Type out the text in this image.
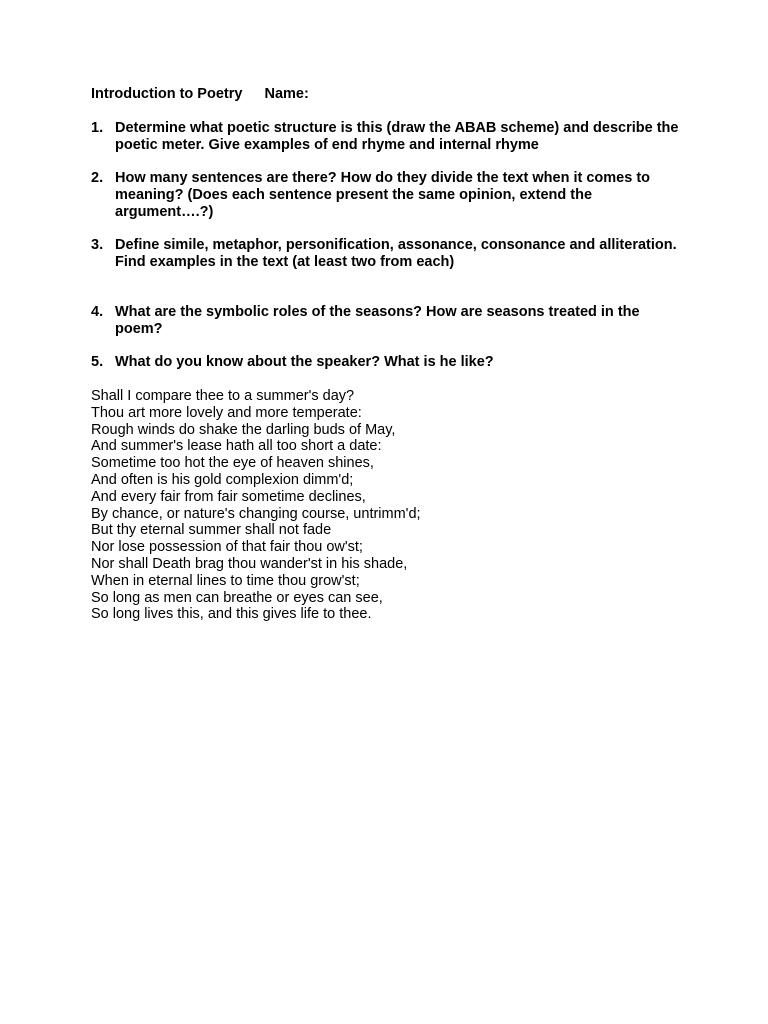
Introduction to Poetry Name:
1. Determine what poetic structure is this (draw the ABAB scheme) and describe the poetic meter. Give examples of end rhyme and internal rhyme
2. How many sentences are there? How do they divide the text when it comes to meaning? (Does each sentence present the same opinion, extend the argument….?)
3. Define simile, metaphor, personification, assonance, consonance and alliteration. Find examples in the text (at least two from each)
4. What are the symbolic roles of the seasons? How are seasons treated in the poem?
5. What do you know about the speaker? What is he like?
Shall I compare thee to a summer's day?
Thou art more lovely and more temperate:
Rough winds do shake the darling buds of May,
And summer's lease hath all too short a date:
Sometime too hot the eye of heaven shines,
And often is his gold complexion dimm'd;
And every fair from fair sometime declines,
By chance, or nature's changing course, untrimm'd;
But thy eternal summer shall not fade
Nor lose possession of that fair thou ow'st;
Nor shall Death brag thou wander'st in his shade,
When in eternal lines to time thou grow'st;
So long as men can breathe or eyes can see,
So long lives this, and this gives life to thee.
